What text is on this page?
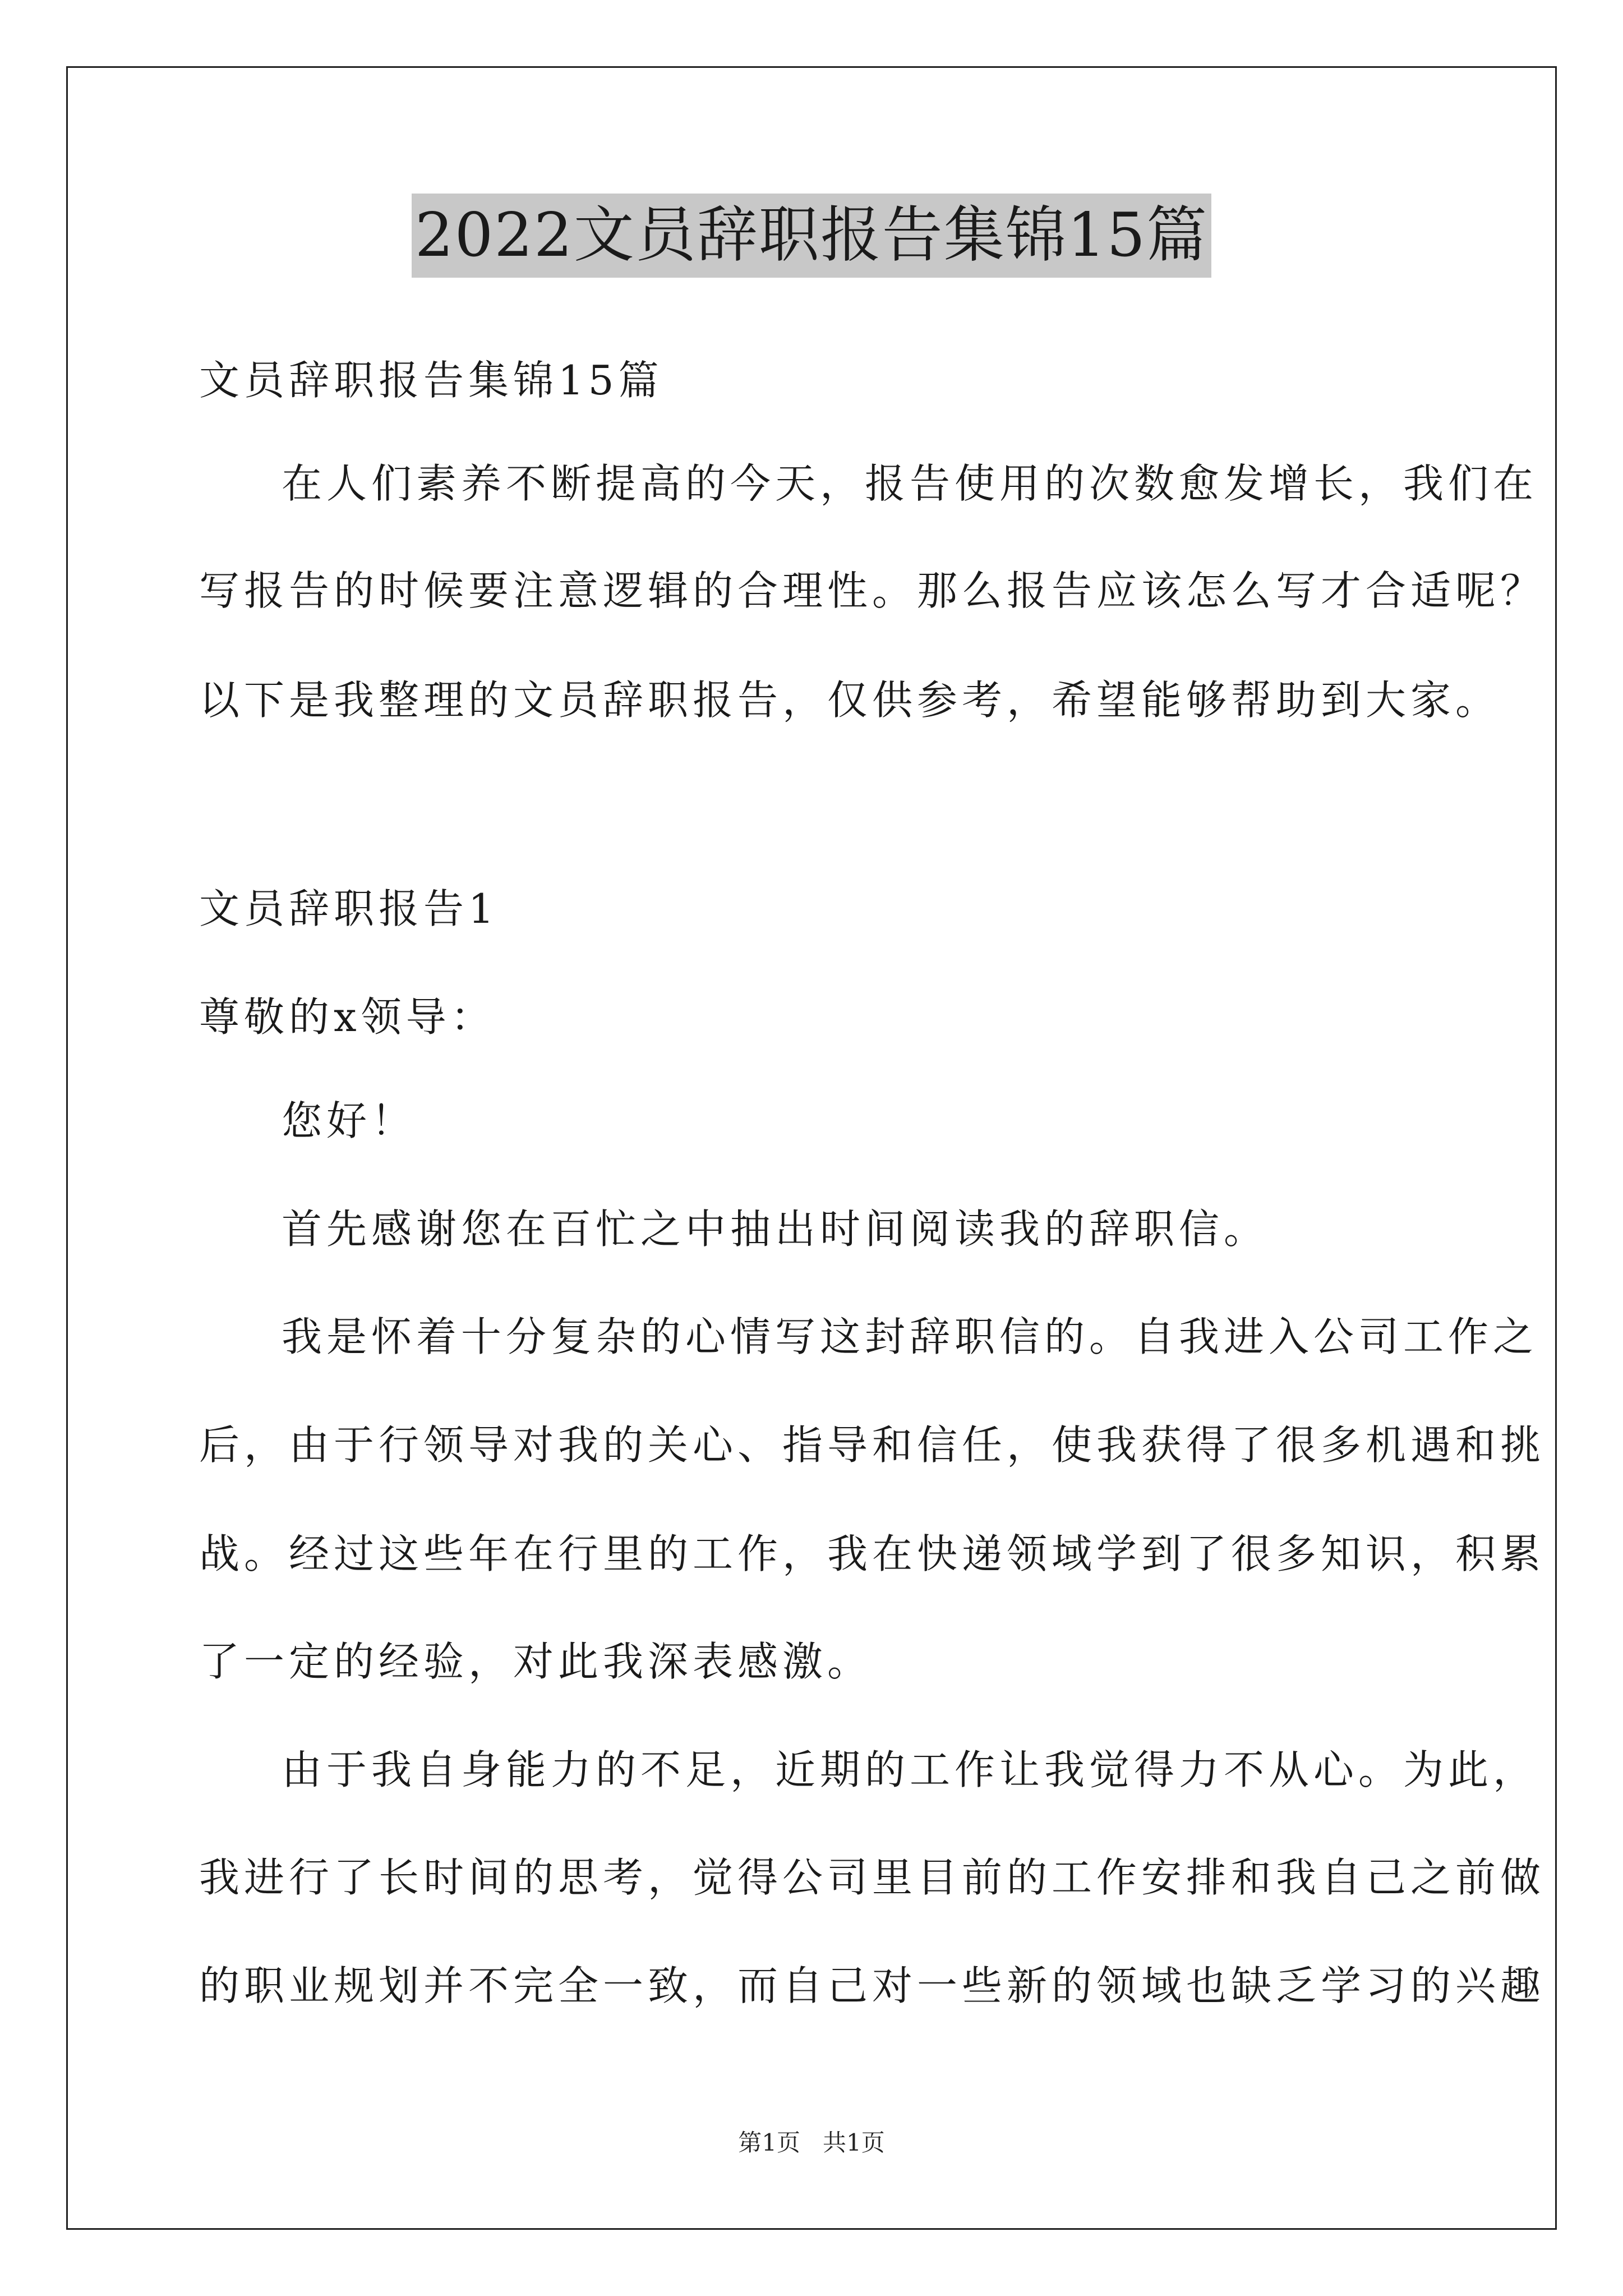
2022文员辞职报告集锦15篇
文员辞职报告集锦15篇
在人们素养不断提高的今天，报告使用的次数愈发增长，我们在
写报告的时候要注意逻辑的合理性。那么报告应该怎么写才合适呢？
以下是我整理的文员辞职报告，仅供参考，希望能够帮助到大家。
文员辞职报告1
尊敬的x领导：
您好！
首先感谢您在百忙之中抽出时间阅读我的辞职信。
我是怀着十分复杂的心情写这封辞职信的。自我进入公司工作之
后，由于行领导对我的关心、指导和信任，使我获得了很多机遇和挑
战。经过这些年在行里的工作，我在快递领域学到了很多知识，积累
了一定的经验，对此我深表感激。
由于我自身能力的不足，近期的工作让我觉得力不从心。为此，
我进行了长时间的思考，觉得公司里目前的工作安排和我自己之前做
的职业规划并不完全一致，而自己对一些新的领域也缺乏学习的兴趣
第1页 共1页
